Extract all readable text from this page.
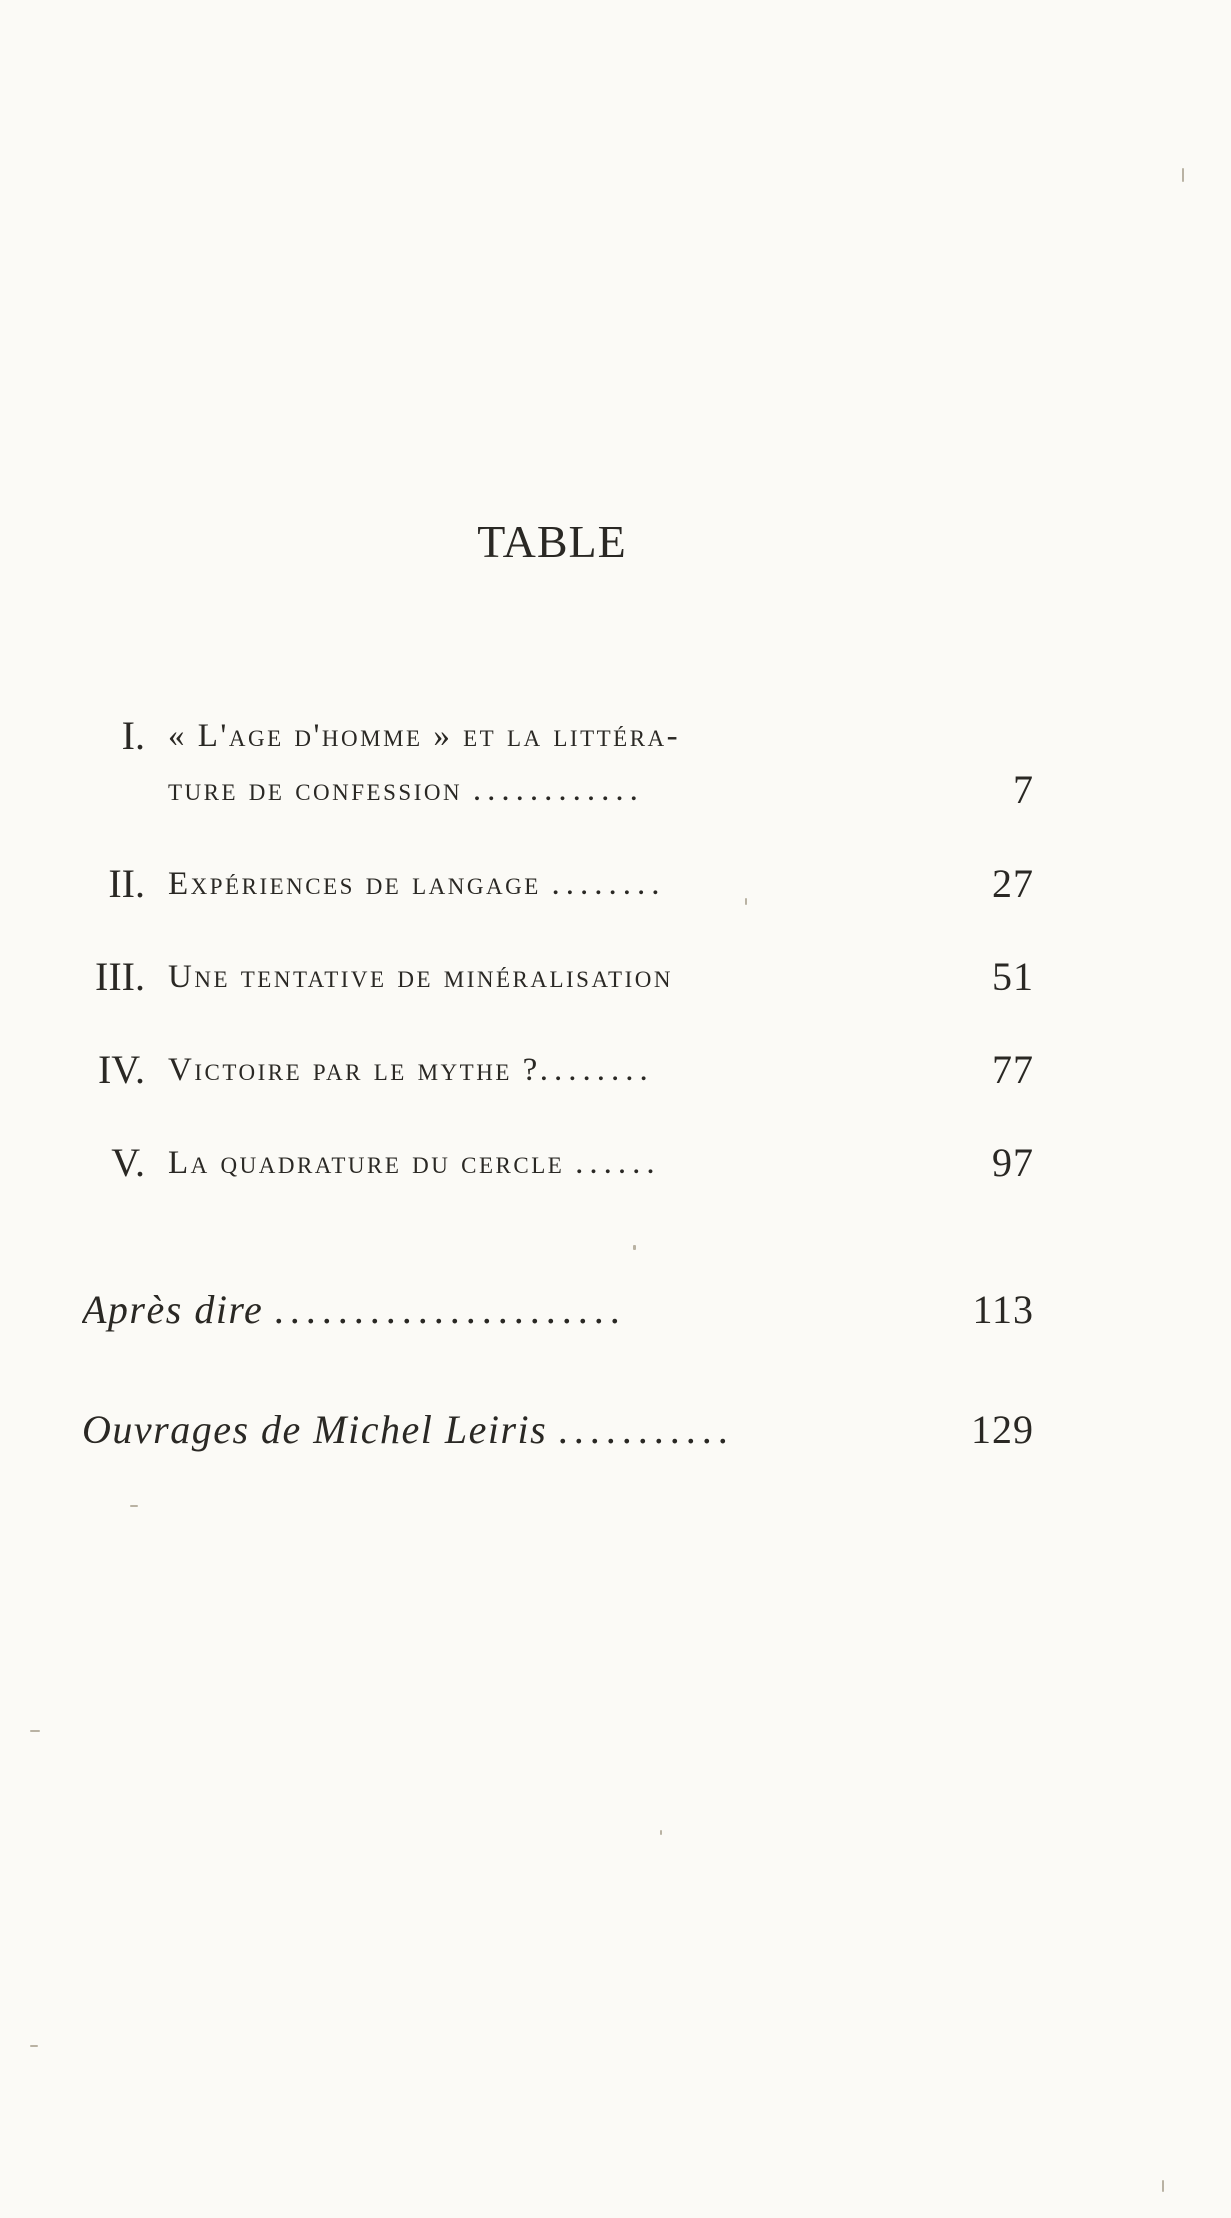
TABLE
I. « L'age d'homme » et la littéra-
ture de confession ............	7
II. Expériences de langage ........	27
III. Une tentative de minéralisation	51
IV. Victoire par le mythe ?........	77
V. La quadrature du cercle ......	97
Après dire ......................	113
Ouvrages de Michel Leiris ...........	129
